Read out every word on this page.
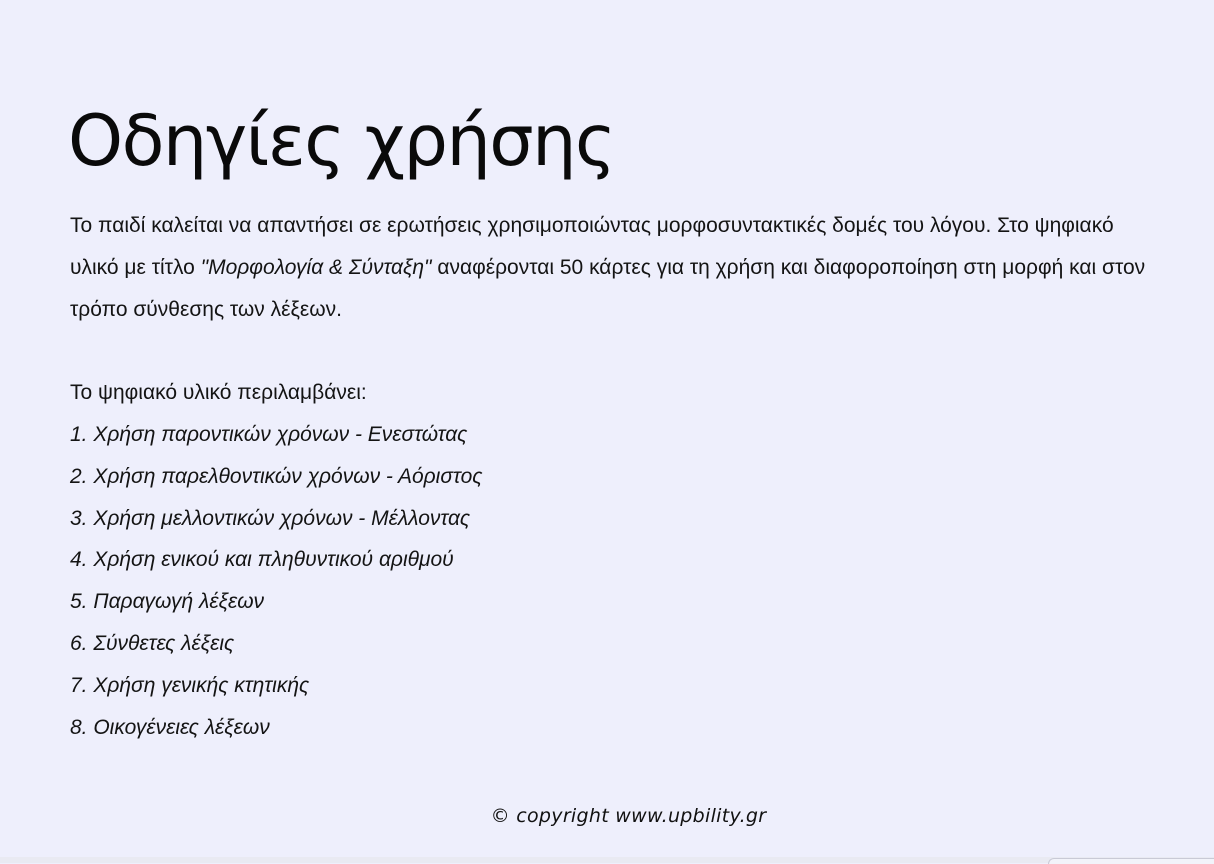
Οδηγίες χρήσης

Το παιδί καλείται να απαντήσει σε ερωτήσεις χρησιμοποιώντας μορφοσυντακτικές δομές του λόγου. Στο ψηφιακό υλικό με τίτλο "Μορφολογία & Σύνταξη" αναφέρονται 50 κάρτες για τη χρήση και διαφοροποίηση στη μορφή και στον τρόπο σύνθεσης των λέξεων.

Το ψηφιακό υλικό περιλαμβάνει:

1. Χρήση παροντικών χρόνων - Ενεστώτας
2. Χρήση παρελθοντικών χρόνων - Αόριστος
3. Χρήση μελλοντικών χρόνων - Μέλλοντας
4. Χρήση ενικού και πληθυντικού αριθμού
5. Παραγωγή λέξεων
6. Σύνθετες λέξεις
7. Χρήση γενικής κτητικής
8. Οικογένειες λέξεων
© copyright www.upbility.gr
